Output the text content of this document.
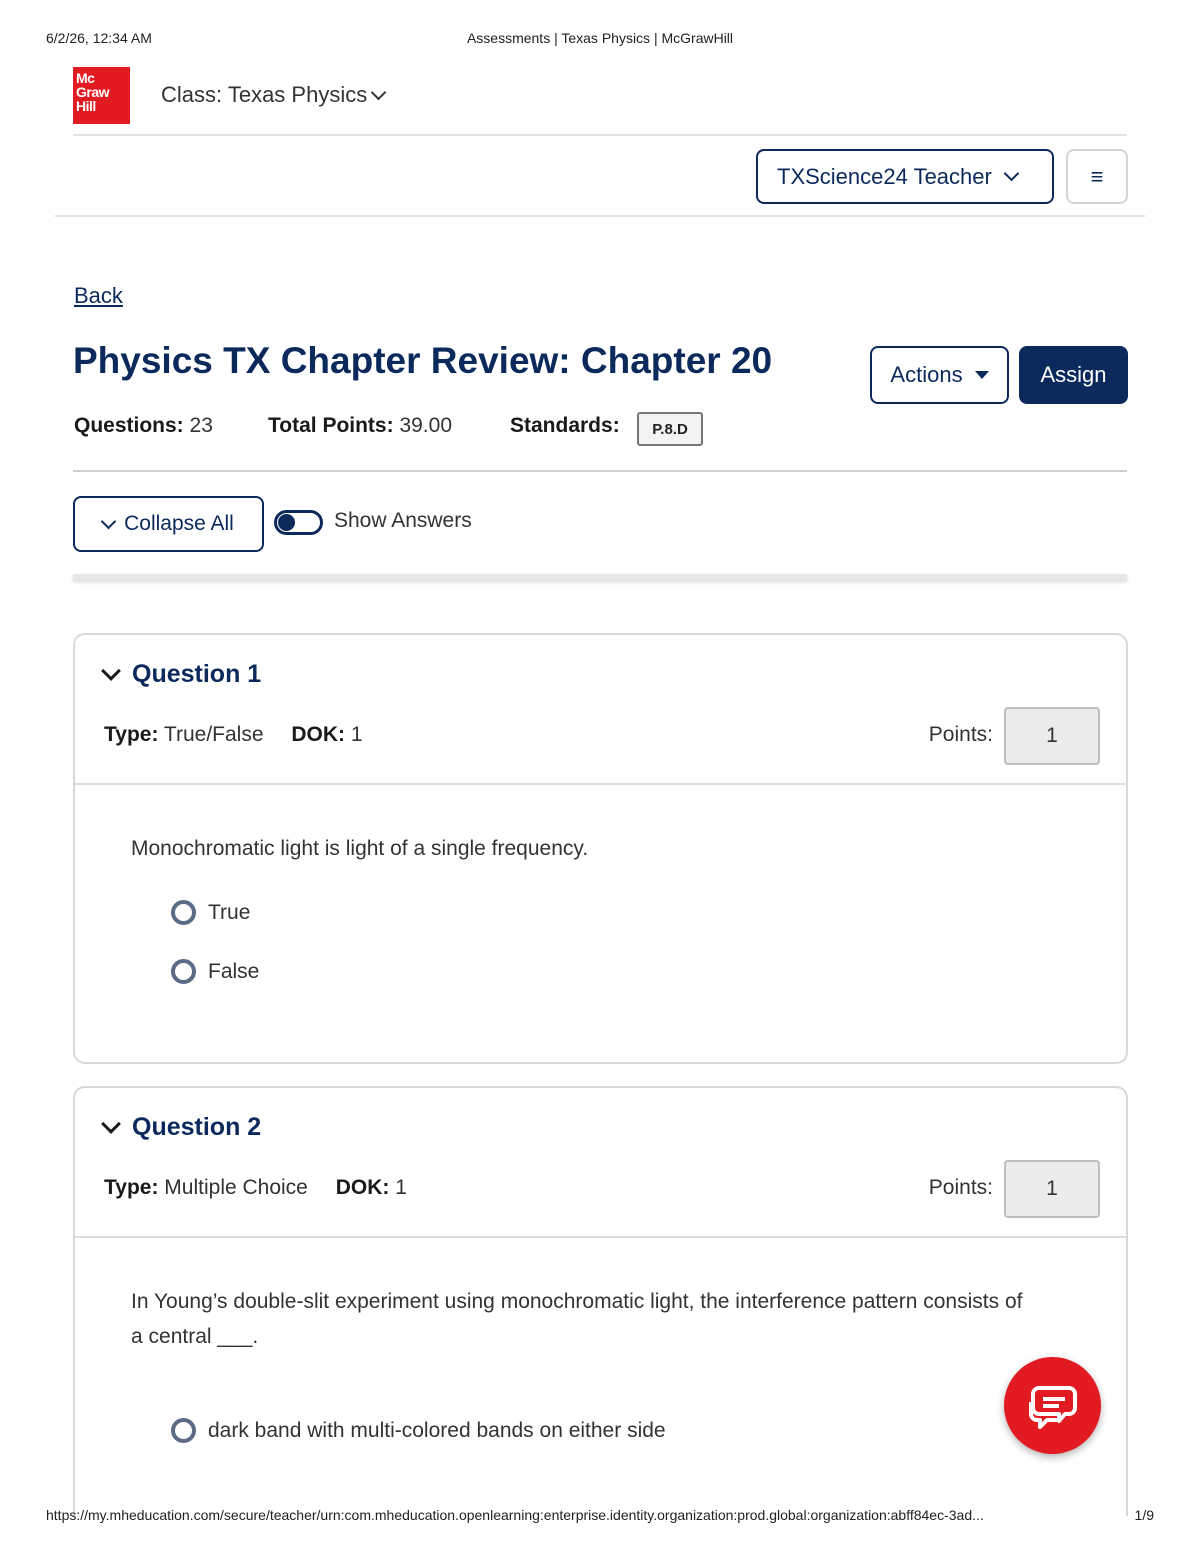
6/2/26, 12:34 AM	Assessments | Texas Physics | McGrawHill
Mc
Graw
Hill	Class: Texas Physics
TXScience24 Teacher	≡
Back
Physics TX Chapter Review: Chapter 20	Actions	Assign
Questions: 23	Total Points: 39.00	Standards:	P.8.D
Collapse All	Show Answers
Question 1
Type: True/False DOK: 1	Points:	1
Monochromatic light is light of a single frequency.
True
False
Question 2
Type: Multiple Choice DOK: 1	Points:	1
In Young’s double-slit experiment using monochromatic light, the interference pattern consists of a central ___.
dark band with multi-colored bands on either side
https://my.mheducation.com/secure/teacher/urn:com.mheducation.openlearning:enterprise.identity.organization:prod.global:organization:abff84ec-3ad...	1/9
